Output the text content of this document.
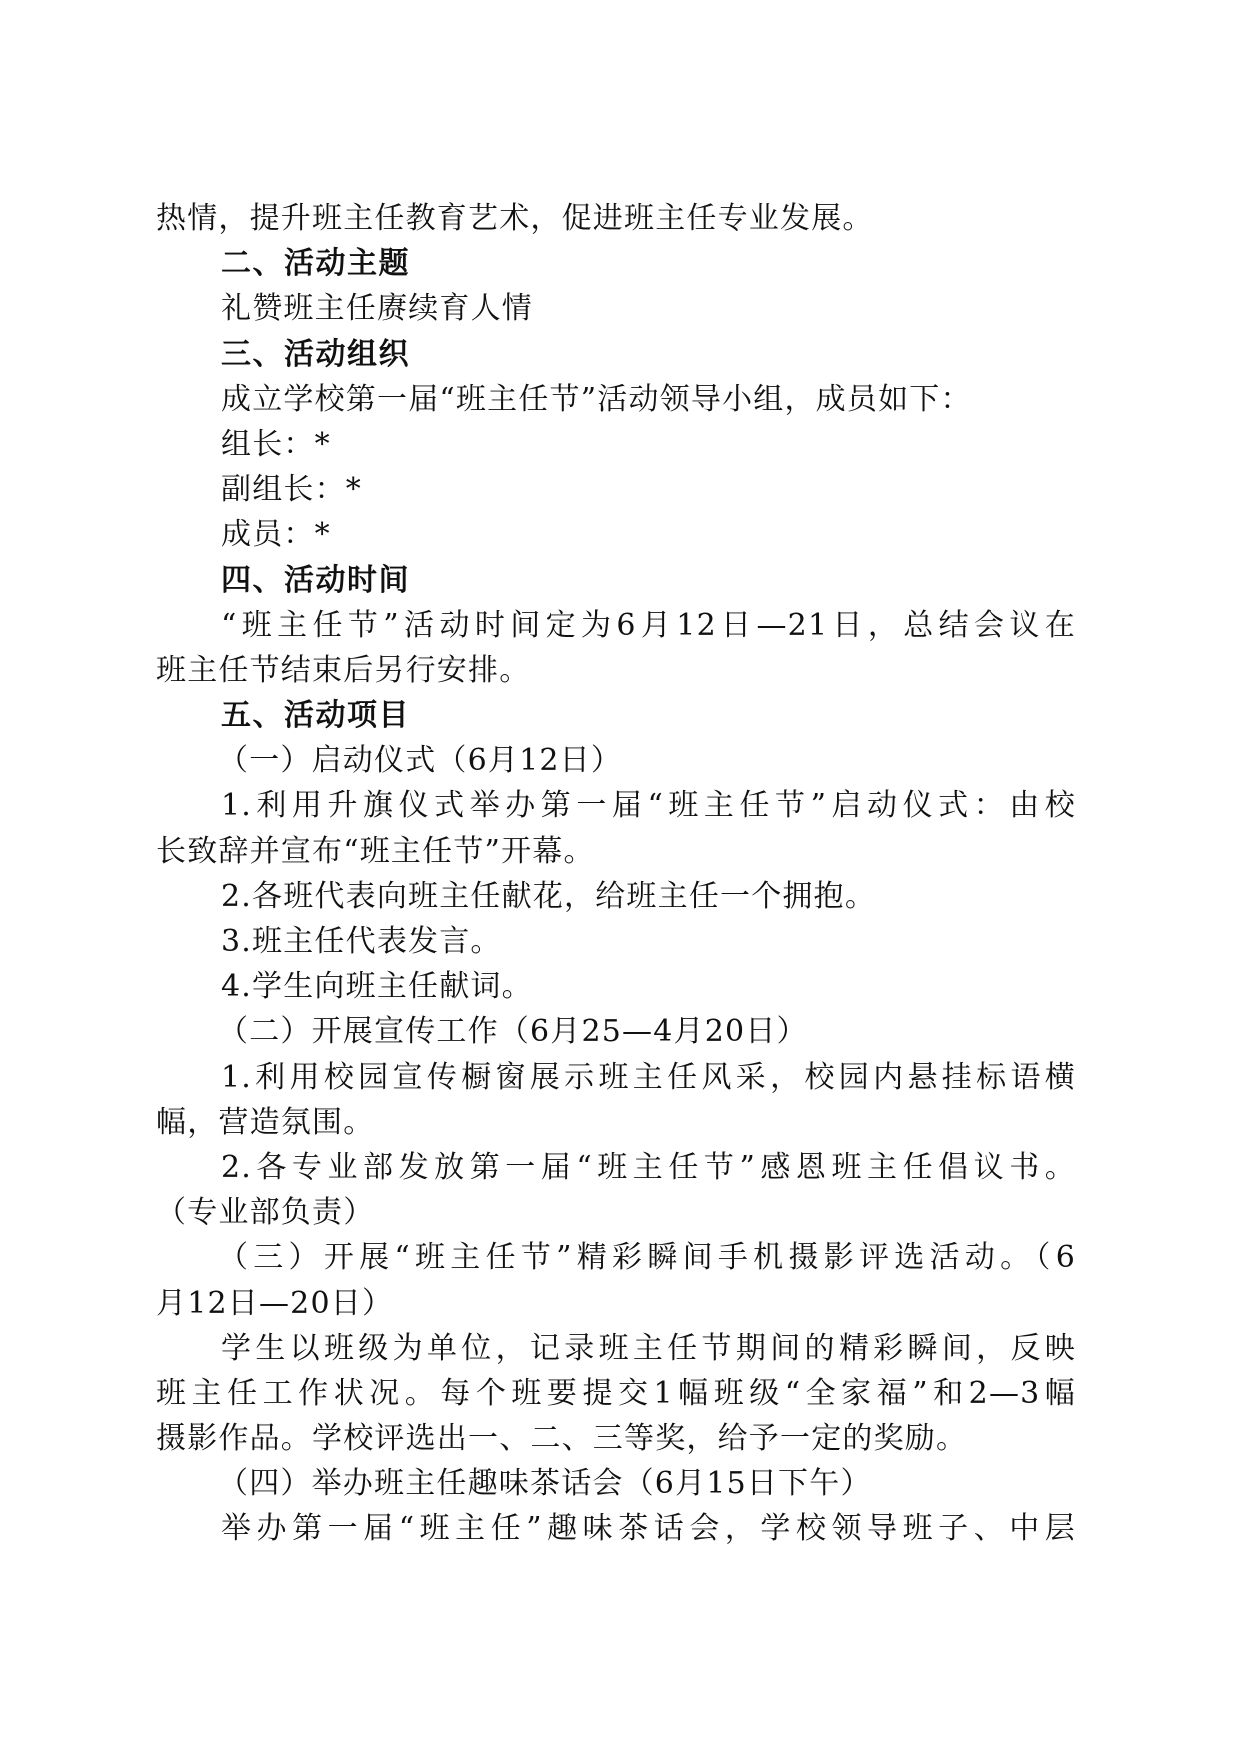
热情，提升班主任教育艺术，促进班主任专业发展。
二、活动主题
礼赞班主任赓续育人情
三、活动组织
成立学校第一届“班主任节”活动领导小组，成员如下：
组长：*
副组长：*
成员：*
四、活动时间
“班主任节”活动时间定为6月12日—21日，总结会议在
班主任节结束后另行安排。
五、活动项目
（一）启动仪式（6月12日）
1.利用升旗仪式举办第一届“班主任节”启动仪式：由校
长致辞并宣布“班主任节”开幕。
2.各班代表向班主任献花，给班主任一个拥抱。
3.班主任代表发言。
4.学生向班主任献词。
（二）开展宣传工作（6月25—4月20日）
1.利用校园宣传橱窗展示班主任风采，校园内悬挂标语横
幅，营造氛围。
2.各专业部发放第一届“班主任节”感恩班主任倡议书。
（专业部负责）
（三）开展“班主任节”精彩瞬间手机摄影评选活动。（6
月12日—20日）
学生以班级为单位，记录班主任节期间的精彩瞬间，反映
班主任工作状况。每个班要提交1幅班级“全家福”和2—3幅
摄影作品。学校评选出一、二、三等奖，给予一定的奖励。
（四）举办班主任趣味茶话会（6月15日下午）
举办第一届“班主任”趣味茶话会，学校领导班子、中层
